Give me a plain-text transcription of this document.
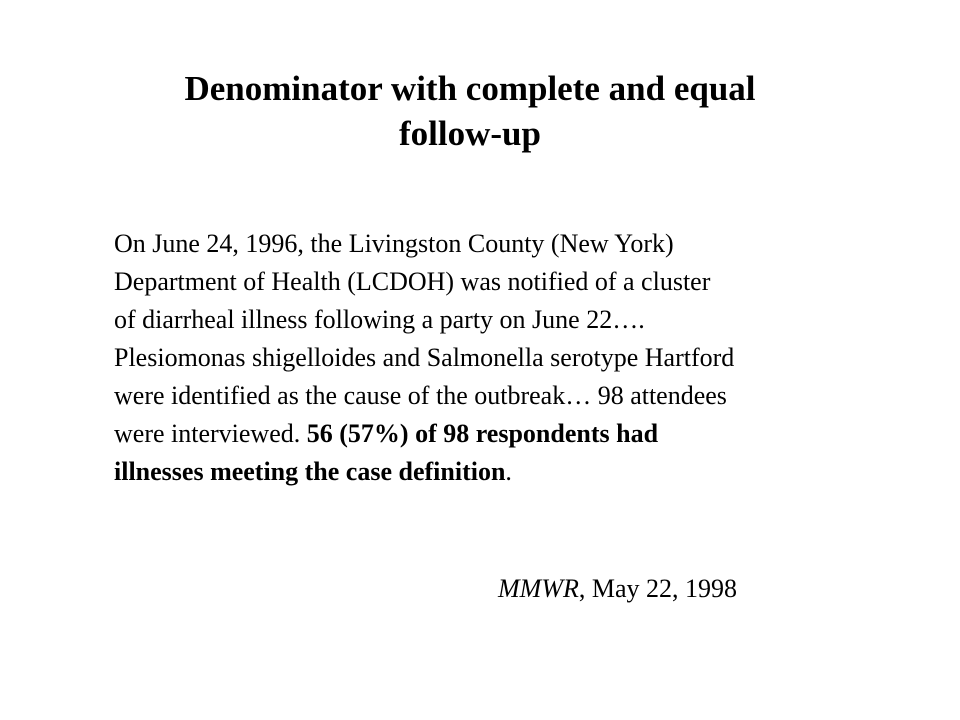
Denominator with complete and equal
follow-up

On June 24, 1996, the Livingston County (New York)
Department of Health (LCDOH) was notified of a cluster
of diarrheal illness following a party on June 22….
Plesiomonas shigelloides and Salmonella serotype Hartford
were identified as the cause of the outbreak… 98 attendees
were interviewed. 56 (57%) of 98 respondents had
illnesses meeting the case definition.

MMWR, May 22, 1998
